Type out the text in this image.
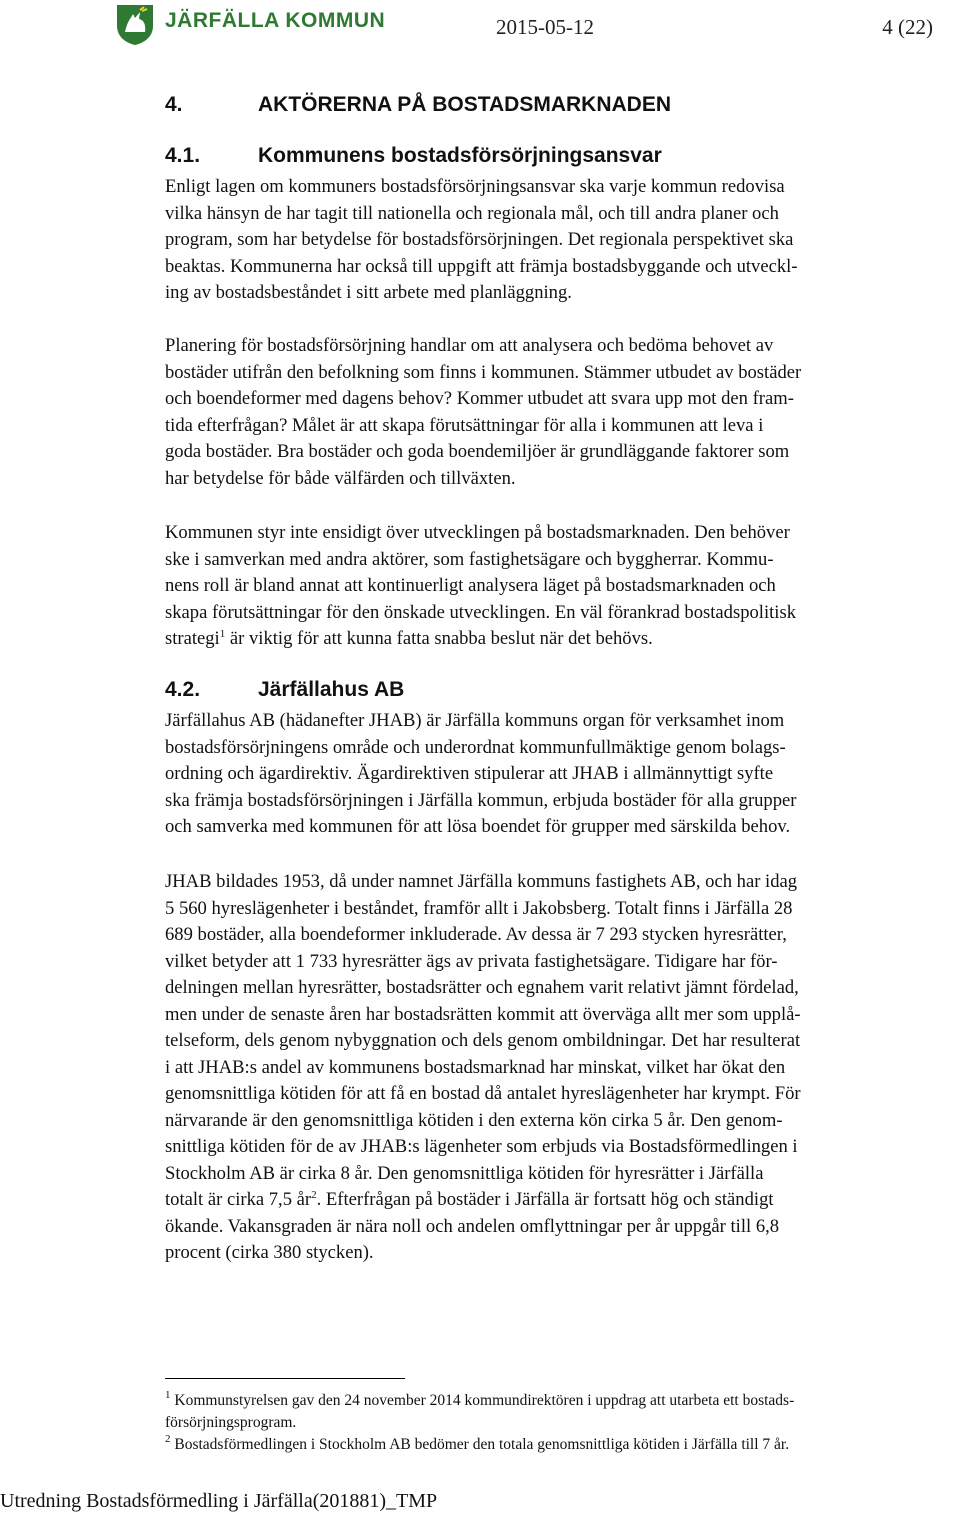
JÄRFÄLLA KOMMUN	2015-05-12	4 (22)
4.	AKTÖRERNA PÅ BOSTADSMARKNADEN
4.1.	Kommunens bostadsförsörjningsansvar
Enligt lagen om kommuners bostadsförsörjningsansvar ska varje kommun redovisa
vilka hänsyn de har tagit till nationella och regionala mål, och till andra planer och
program, som har betydelse för bostadsförsörjningen. Det regionala perspektivet ska
beaktas. Kommunerna har också till uppgift att främja bostadsbyggande och utveckl-
ing av bostadsbeståndet i sitt arbete med planläggning.
Planering för bostadsförsörjning handlar om att analysera och bedöma behovet av
bostäder utifrån den befolkning som finns i kommunen. Stämmer utbudet av bostäder
och boendeformer med dagens behov? Kommer utbudet att svara upp mot den fram-
tida efterfrågan? Målet är att skapa förutsättningar för alla i kommunen att leva i
goda bostäder. Bra bostäder och goda boendemiljöer är grundläggande faktorer som
har betydelse för både välfärden och tillväxten.
Kommunen styr inte ensidigt över utvecklingen på bostadsmarknaden. Den behöver
ske i samverkan med andra aktörer, som fastighetsägare och byggherrar. Kommu-
nens roll är bland annat att kontinuerligt analysera läget på bostadsmarknaden och
skapa förutsättningar för den önskade utvecklingen. En väl förankrad bostadspolitisk
strategi$^1$ är viktig för att kunna fatta snabba beslut när det behövs.
4.2.	Järfällahus AB
Järfällahus AB (hädanefter JHAB) är Järfälla kommuns organ för verksamhet inom
bostadsförsörjningens område och underordnat kommunfullmäktige genom bolags-
ordning och ägardirektiv. Ägardirektiven stipulerar att JHAB i allmännyttigt syfte
ska främja bostadsförsörjningen i Järfälla kommun, erbjuda bostäder för alla grupper
och samverka med kommunen för att lösa boendet för grupper med särskilda behov.
JHAB bildades 1953, då under namnet Järfälla kommuns fastighets AB, och har idag
5 560 hyreslägenheter i beståndet, framför allt i Jakobsberg. Totalt finns i Järfälla 28
689 bostäder, alla boendeformer inkluderade. Av dessa är 7 293 stycken hyresrätter,
vilket betyder att 1 733 hyresrätter ägs av privata fastighetsägare. Tidigare har för-
delningen mellan hyresrätter, bostadsrätter och egnahem varit relativt jämnt fördelad,
men under de senaste åren har bostadsrätten kommit att överväga allt mer som upplå-
telseform, dels genom nybyggnation och dels genom ombildningar. Det har resulterat
i att JHAB:s andel av kommunens bostadsmarknad har minskat, vilket har ökat den
genomsnittliga kötiden för att få en bostad då antalet hyreslägenheter har krympt. För
närvarande är den genomsnittliga kötiden i den externa kön cirka 5 år. Den genom-
snittliga kötiden för de av JHAB:s lägenheter som erbjuds via Bostadsförmedlingen i
Stockholm AB är cirka 8 år. Den genomsnittliga kötiden för hyresrätter i Järfälla
totalt är cirka 7,5 $år^2$. Efterfrågan på bostäder i Järfälla är fortsatt hög och ständigt
ökande. Vakansgraden är nära noll och andelen omflyttningar per år uppgår till 6,8
procent (cirka 380 stycken).
$^1$ Kommunstyrelsen gav den 24 november 2014 kommundirektören i uppdrag att utarbeta ett bostads-
försörjningsprogram.
$^2$ Bostadsförmedlingen i Stockholm AB bedömer den totala genomsnittliga kötiden i Järfälla till 7 år.
Utredning Bostadsförmedling i Järfälla(201881)_TMP
